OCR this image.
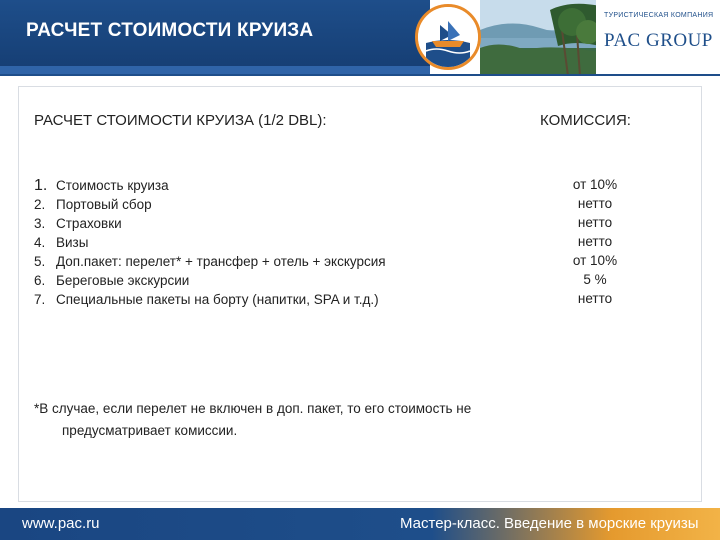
РАСЧЕТ СТОИМОСТИ КРУИЗА
ТУРИСТИЧЕСКАЯ КОМПАНИЯ
PAC GROUP
РАСЧЕТ СТОИМОСТИ КРУИЗА (1/2 DBL):	КОМИССИЯ:
1. Стоимость круиза
2. Портовый сбор
3. Страховки
4. Визы
5. Доп.пакет: перелет* + трансфер + отель + экскурсия
6. Береговые экскурсии
7. Специальные пакеты на борту (напитки, SPA и т.д.)
от 10%
нетто
нетто
нетто
от 10%
5 %
нетто
*В случае, если перелет не включен в доп. пакет, то его стоимость не
предусматривает комиссии.
www.pac.ru	Мастер-класс. Введение в морские круизы
